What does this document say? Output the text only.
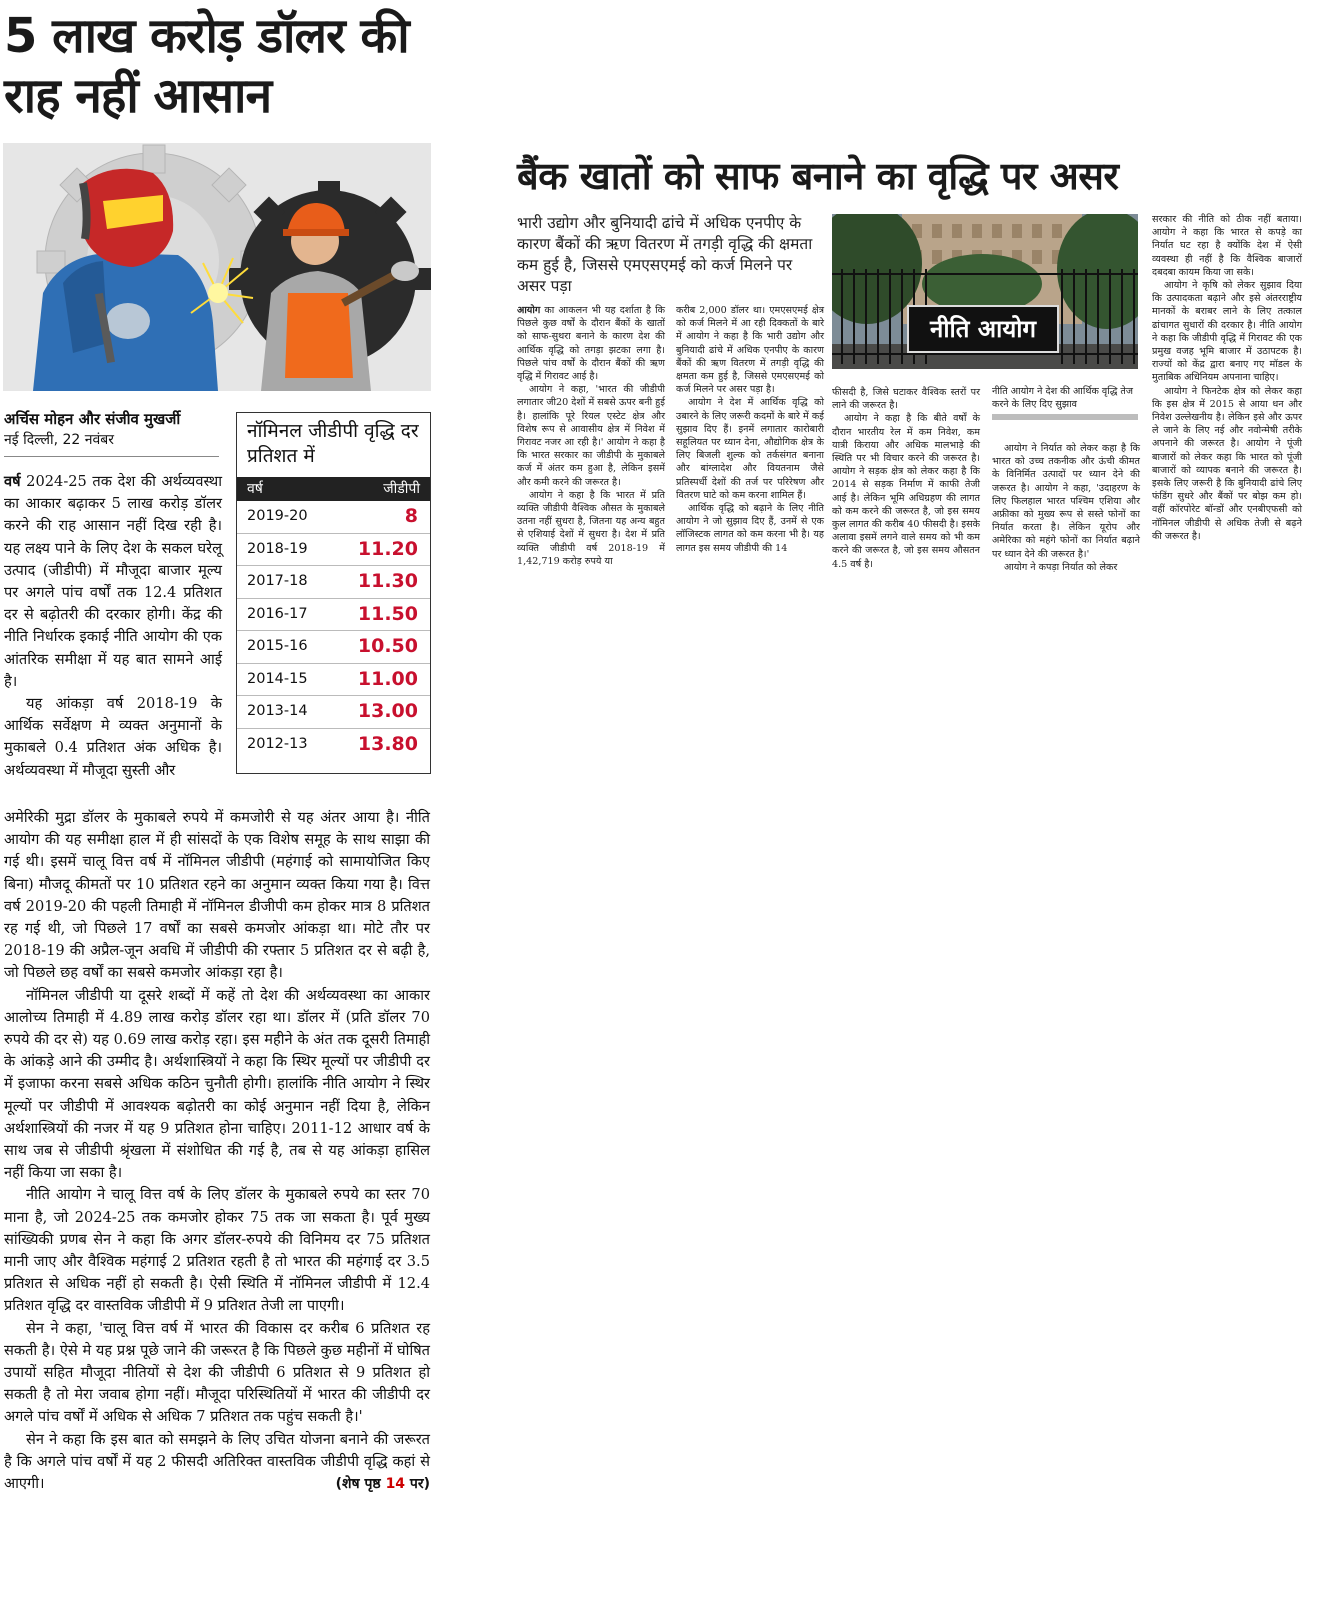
5 लाख करोड़ डॉलर की राह नहीं आसान
अर्चिस मोहन और संजीव मुखर्जी
नई दिल्ली, 22 नवंबर

वर्ष 2024-25 तक देश की अर्थव्यवस्था का आकार बढ़ाकर 5 लाख करोड़ डॉलर करने की राह आसान नहीं दिख रही है। यह लक्ष्य पाने के लिए देश के सकल घरेलू उत्पाद (जीडीपी) में मौजूदा बाजार मूल्य पर अगले पांच वर्षों तक 12.4 प्रतिशत दर से बढ़ोतरी की दरकार होगी। केंद्र की नीति निर्धारक इकाई नीति आयोग की एक आंतरिक समीक्षा में यह बात सामने आई है।

यह आंकड़ा वर्ष 2018-19 के आर्थिक सर्वेक्षण मे व्यक्त अनुमानों के मुकाबले 0.4 प्रतिशत अंक अधिक है। अर्थव्यवस्था में मौजूदा सुस्ती और

नॉमिनल जीडीपी वृद्धि दर प्रतिशत में
वर्ष	जीडीपी
2019-20	8
2018-19	11.20
2017-18	11.30
2016-17	11.50
2015-16	10.50
2014-15	11.00
2013-14	13.00
2012-13	13.80

अमेरिकी मुद्रा डॉलर के मुकाबले रुपये में कमजोरी से यह अंतर आया है। नीति आयोग की यह समीक्षा हाल में ही सांसदों के एक विशेष समूह के साथ साझा की गई थी। इसमें चालू वित्त वर्ष में नॉमिनल जीडीपी (महंगाई को सामायोजित किए बिना) मौजदू कीमतों पर 10 प्रतिशत रहने का अनुमान व्यक्त किया गया है। वित्त वर्ष 2019-20 की पहली तिमाही में नॉमिनल डीजीपी कम होकर मात्र 8 प्रतिशत रह गई थी, जो पिछले 17 वर्षों का सबसे कमजोर आंकड़ा था। मोटे तौर पर 2018-19 की अप्रैल-जून अवधि में जीडीपी की रफ्तार 5 प्रतिशत दर से बढ़ी है, जो पिछले छह वर्षों का सबसे कमजोर आंकड़ा रहा है।

नॉमिनल जीडीपी या दूसरे शब्दों में कहें तो देश की अर्थव्यवस्था का आकार आलोच्य तिमाही में 4.89 लाख करोड़ डॉलर रहा था। डॉलर में (प्रति डॉलर 70 रुपये की दर से) यह 0.69 लाख करोड़ रहा। इस महीने के अंत तक दूसरी तिमाही के आंकड़े आने की उम्मीद है। अर्थशास्त्रियों ने कहा कि स्थिर मूल्यों पर जीडीपी दर में इजाफा करना सबसे अधिक कठिन चुनौती होगी। हालांकि नीति आयोग ने स्थिर मूल्यों पर जीडीपी में आवश्यक बढ़ोतरी का कोई अनुमान नहीं दिया है, लेकिन अर्थशास्त्रियों की नजर में यह 9 प्रतिशत होना चाहिए। 2011-12 आधार वर्ष के साथ जब से जीडीपी श्रृंखला में संशोधित की गई है, तब से यह आंकड़ा हासिल नहीं किया जा सका है।

नीति आयोग ने चालू वित्त वर्ष के लिए डॉलर के मुकाबले रुपये का स्तर 70 माना है, जो 2024-25 तक कमजोर होकर 75 तक जा सकता है। पूर्व मुख्य सांख्यिकी प्रणब सेन ने कहा कि अगर डॉलर-रुपये की विनिमय दर 75 प्रतिशत मानी जाए और वैश्विक महंगाई 2 प्रतिशत रहती है तो भारत की महंगाई दर 3.5 प्रतिशत से अधिक नहीं हो सकती है। ऐसी स्थिति में नॉमिनल जीडीपी में 12.4 प्रतिशत वृद्धि दर वास्तविक जीडीपी में 9 प्रतिशत तेजी ला पाएगी।

सेन ने कहा, 'चालू वित्त वर्ष में भारत की विकास दर करीब 6 प्रतिशत रह सकती है। ऐसे मे यह प्रश्न पूछे जाने की जरूरत है कि पिछले कुछ महीनों में घोषित उपायों सहित मौजूदा नीतियों से देश की जीडीपी 6 प्रतिशत से 9 प्रतिशत हो सकती है तो मेरा जवाब होगा नहीं। मौजूदा परिस्थितियों में भारत की जीडीपी दर अगले पांच वर्षों में अधिक से अधिक 7 प्रतिशत तक पहुंच सकती है।'

सेन ने कहा कि इस बात को समझने के लिए उचित योजना बनाने की जरूरत है कि अगले पांच वर्षों में यह 2 फीसदी अतिरिक्त वास्तविक जीडीपी वृद्धि कहां से आएगी।	(शेष पृष्ठ 14 पर)

बैंक खातों को साफ बनाने का वृद्धि पर असर
भारी उद्योग और बुनियादी ढांचे में अधिक एनपीए के कारण बैंकों की ऋण वितरण में तगड़ी वृद्धि की क्षमता कम हुई है, जिससे एमएसएमई को कर्ज मिलने पर असर पड़ा

आयोग का आकलन भी यह दर्शाता है कि पिछले कुछ वर्षों के दौरान बैंकों के खातों को साफ-सुथरा बनाने के कारण देश की आर्थिक वृद्धि को तगड़ा झटका लगा है। पिछले पांच वर्षों के दौरान बैंकों की ऋण वृद्धि में गिरावट आई है।

आयोग ने कहा, 'भारत की जीडीपी लगातार जी20 देशों में सबसे ऊपर बनी हुई है। हालांकि पूरे रियल एस्टेट क्षेत्र और विशेष रूप से आवासीय क्षेत्र में निवेश में गिरावट नजर आ रही है।' आयोग ने कहा है कि भारत सरकार का जीडीपी के मुकाबले कर्ज में अंतर कम हुआ है, लेकिन इसमें और कमी करने की जरूरत है।

आयोग ने कहा है कि भारत में प्रति व्यक्ति जीडीपी वैश्विक औसत के मुकाबले उतना नहीं सुधरा है, जितना यह अन्य बहुत से एशियाई देशों में सुधरा है। देश में प्रति व्यक्ति जीडीपी वर्ष 2018-19 में 1,42,719 करोड़ रुपये या

करीब 2,000 डॉलर था। एमएसएमई क्षेत्र को कर्ज मिलने में आ रही दिक्कतों के बारे में आयोग ने कहा है कि भारी उद्योग और बुनियादी ढांचे में अधिक एनपीए के कारण बैंकों की ऋण वितरण में तगड़ी वृद्धि की क्षमता कम हुई है, जिससे एमएसएमई को कर्ज मिलने पर असर पड़ा है।

आयोग ने देश में आर्थिक वृद्धि को उबारने के लिए जरूरी कदमों के बारे में कई सुझाव दिए हैं। इनमें लगातार कारोबारी सहूलियत पर ध्यान देना, औद्योगिक क्षेत्र के लिए बिजली शुल्क को तर्कसंगत बनाना और बांग्लादेश और वियतनाम जैसे प्रतिस्पर्धी देशों की तर्ज पर परिरेषण और वितरण घाटे को कम करना शामिल हैं।

आर्थिक वृद्धि को बढ़ाने के लिए नीति आयोग ने जो सुझाव दिए हैं, उनमें से एक लॉजिस्टक लागत को कम करना भी है। यह लागत इस समय जीडीपी की 14

नीति आयोग
नीति आयोग ने देश की आर्थिक वृद्धि तेज करने के लिए दिए सुझाव

फीसदी है, जिसे घटाकर वैश्विक स्तरों पर लाने की जरूरत है।

आयोग ने कहा है कि बीते वर्षों के दौरान भारतीय रेल में कम निवेश, कम यात्री किराया और अधिक मालभाड़े की स्थिति पर भी विचार करने की जरूरत है। आयोग ने सड़क क्षेत्र को लेकर कहा है कि 2014 से सड़क निर्माण में काफी तेजी आई है। लेकिन भूमि अधिग्रहण की लागत को कम करने की जरूरत है, जो इस समय कुल लागत की करीब 40 फीसदी है। इसके अलावा इसमें लगने वाले समय को भी कम करने की जरूरत है, जो इस समय औसतन 4.5 वर्ष है।

आयोग ने निर्यात को लेकर कहा है कि भारत को उच्च तकनीक और ऊंची कीमत के विनिर्मित उत्पादों पर ध्यान देने की जरूरत है। आयोग ने कहा, 'उदाहरण के लिए फिलहाल भारत पश्चिम एशिया और अफ्रीका को मुख्य रूप से सस्ते फोनों का निर्यात करता है। लेकिन यूरोप और अमेरिका को महंगे फोनों का निर्यात बढ़ाने पर ध्यान देने की जरूरत है।'

आयोग ने कपड़ा निर्यात को लेकर

सरकार की नीति को ठीक नहीं बताया। आयोग ने कहा कि भारत से कपड़े का निर्यात घट रहा है क्योंकि देश में ऐसी व्यवस्था ही नहीं है कि वैश्विक बाजारों दबदबा कायम किया जा सके।

आयोग ने कृषि को लेकर सुझाव दिया कि उत्पादकता बढ़ाने और इसे अंतरराष्ट्रीय मानकों के बराबर लाने के लिए तत्काल ढांचागत सुधारों की दरकार है। नीति आयोग ने कहा कि जीडीपी वृद्धि में गिरावट की एक प्रमुख वजह भूमि बाजार में उठापटक है। राज्यों को केंद्र द्वारा बनाए गए मॉडल के मुताबिक अधिनियम अपनाना चाहिए।

आयोग ने फिनटेक क्षेत्र को लेकर कहा कि इस क्षेत्र में 2015 से आया धन और निवेश उल्लेखनीय है। लेकिन इसे और ऊपर ले जाने के लिए नई और नवोन्मेषी तरीके अपनाने की जरूरत है। आयोग ने पूंजी बाजारों को लेकर कहा कि भारत को पूंजी बाजारों को व्यापक बनाने की जरूरत है। इसके लिए जरूरी है कि बुनियादी ढांचे लिए फंडिंग सुधरे और बैंकों पर बोझ कम हो। वहीं कॉरपोरेट बॉन्डों और एनबीएफसी को नॉमिनल जीडीपी से अधिक तेजी से बढ़ने की जरूरत है।
